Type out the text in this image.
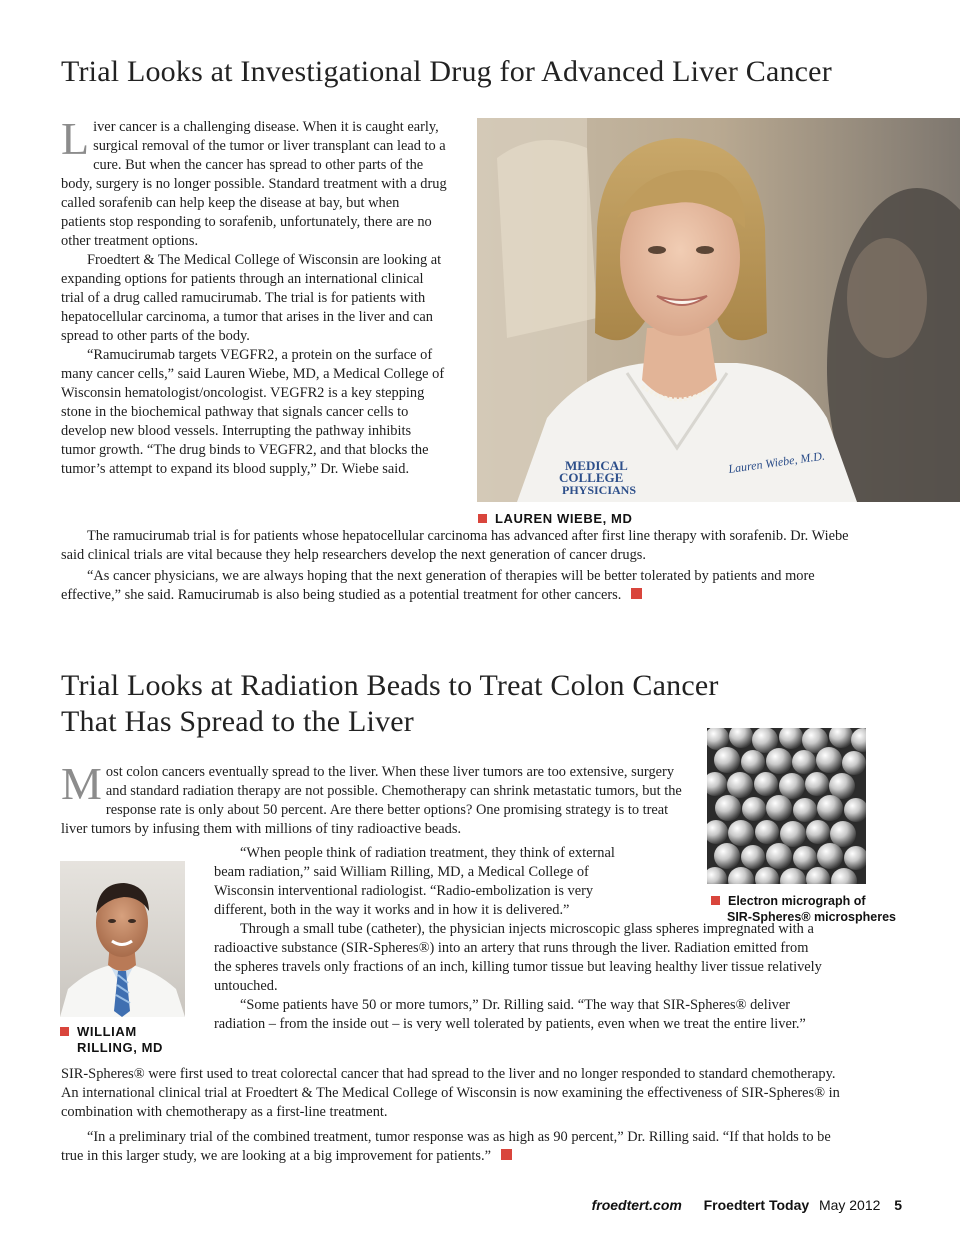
Trial Looks at Investigational Drug for Advanced Liver Cancer

Liver cancer is a challenging disease. When it is caught early, surgical removal of the tumor or liver transplant can lead to a cure. But when the cancer has spread to other parts of the body, surgery is no longer possible. Standard treatment with a drug called sorafenib can help keep the disease at bay, but when patients stop responding to sorafenib, unfortunately, there are no other treatment options.

Froedtert & The Medical College of Wisconsin are looking at expanding options for patients through an international clinical trial of a drug called ramucirumab. The trial is for patients with hepatocellular carcinoma, a tumor that arises in the liver and can spread to other parts of the body.

“Ramucirumab targets VEGFR2, a protein on the surface of many cancer cells,” said Lauren Wiebe, MD, a Medical College of Wisconsin hematologist/oncologist. VEGFR2 is a key stepping stone in the biochemical pathway that signals cancer cells to develop new blood vessels. Interrupting the pathway inhibits tumor growth. “The drug binds to VEGFR2, and that blocks the tumor’s attempt to expand its blood supply,” Dr. Wiebe said.	MEDICAL
COLLEGE
PHYSICIANS
Lauren Wiebe, M.D.
LAUREN WIEBE, MD

The ramucirumab trial is for patients whose hepatocellular carcinoma has advanced after first line therapy with sorafenib. Dr. Wiebe said clinical trials are vital because they help researchers develop the next generation of cancer drugs.

“As cancer physicians, we are always hoping that the next generation of therapies will be better tolerated by patients and more effective,” she said. Ramucirumab is also being studied as a potential treatment for other cancers.

Trial Looks at Radiation Beads to Treat Colon Cancer
That Has Spread to the Liver
Electron micrograph of
SIR-Spheres® microspheres

Most colon cancers eventually spread to the liver. When these liver tumors are too extensive, surgery and standard radiation therapy are not possible. Chemotherapy can shrink metastatic tumors, but the response rate is only about 50 percent. Are there better options? One promising strategy is to treat liver tumors by infusing them with millions of tiny radioactive beads.

WILLIAM
RILLING, MD

“When people think of radiation treatment, they think of external beam radiation,” said William Rilling, MD, a Medical College of Wisconsin interventional radiologist. “Radio-embolization is very different, both in the way it works and in how it is delivered.”

Through a small tube (catheter), the physician injects microscopic glass spheres impregnated with a radioactive substance (SIR-Spheres®) into an artery that runs through the liver. Radiation emitted from the spheres travels only fractions of an inch, killing tumor tissue but leaving healthy liver tissue relatively untouched.

“Some patients have 50 or more tumors,” Dr. Rilling said. “The way that SIR-Spheres® deliver radiation – from the inside out – is very well tolerated by patients, even when we treat the entire liver.”

SIR-Spheres® were first used to treat colorectal cancer that had spread to the liver and no longer responded to standard chemotherapy. An international clinical trial at Froedtert & The Medical College of Wisconsin is now examining the effectiveness of SIR-Spheres® in combination with chemotherapy as a first-line treatment.

“In a preliminary trial of the combined treatment, tumor response was as high as 90 percent,” Dr. Rilling said. “If that holds to be true in this larger study, we are looking at a big improvement for patients.”

froedtert.com Froedtert Today May 2012 5
